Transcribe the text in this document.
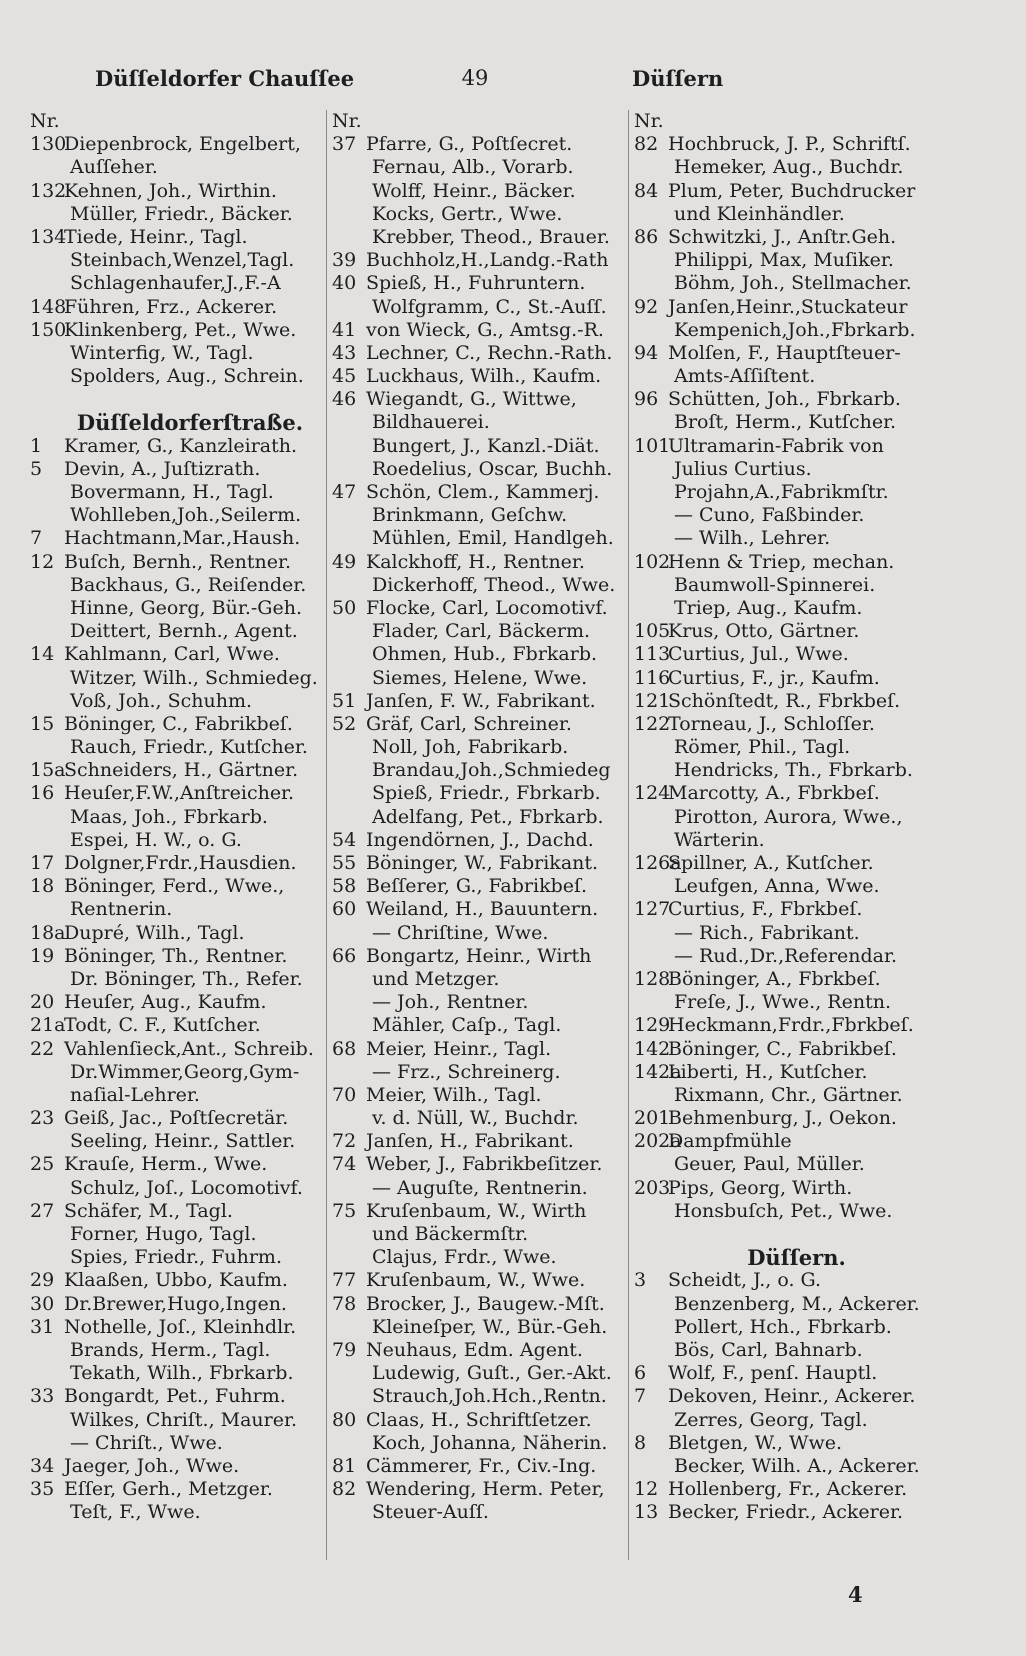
Düſſeldorfer Chauſſee	49	Düſſern
Nr.
130Diepenbrock, Engelbert,
Auſſeher.
132Kehnen, Joh., Wirthin.
Müller, Friedr., Bäcker.
134Tiede, Heinr., Tagl.
Steinbach,Wenzel,Tagl.
Schlagenhaufer,J.,F.-A
148Führen, Frz., Ackerer.
150Klinkenberg, Pet., Wwe.
Winterfig, W., Tagl.
Spolders, Aug., Schrein.
Düſſeldorferſtraße.
1 Kramer, G., Kanzleirath.
5 Devin, A., Juſtizrath.
Bovermann, H., Tagl.
Wohlleben,Joh.,Seilerm.
7 Hachtmann,Mar.,Haush.
12 Buſch, Bernh., Rentner.
Backhaus, G., Reiſender.
Hinne, Georg, Bür.-Geh.
Deittert, Bernh., Agent.
14 Kahlmann, Carl, Wwe.
Witzer, Wilh., Schmiedeg.
Voß, Joh., Schuhm.
15 Böninger, C., Fabrikbeſ.
Rauch, Friedr., Kutſcher.
15aSchneiders, H., Gärtner.
16 Heuſer,F.W.,Anſtreicher.
Maas, Joh., Fbrkarb.
Espei, H. W., o. G.
17 Dolgner,Frdr.,Hausdien.
18 Böninger, Ferd., Wwe.,
Rentnerin.
18aDupré, Wilh., Tagl.
19 Böninger, Th., Rentner.
Dr. Böninger, Th., Refer.
20 Heuſer, Aug., Kaufm.
21aTodt, C. F., Kutſcher.
22 Vahlenſieck,Ant., Schreib.
Dr.Wimmer,Georg,Gym-
naſial-Lehrer.
23 Geiß, Jac., Poſtſecretär.
Seeling, Heinr., Sattler.
25 Krauſe, Herm., Wwe.
Schulz, Joſ., Locomotivf.
27 Schäfer, M., Tagl.
Forner, Hugo, Tagl.
Spies, Friedr., Fuhrm.
29 Klaaßen, Ubbo, Kaufm.
30 Dr.Brewer,Hugo,Ingen.
31 Nothelle, Joſ., Kleinhdlr.
Brands, Herm., Tagl.
Tekath, Wilh., Fbrkarb.
33 Bongardt, Pet., Fuhrm.
Wilkes, Chriſt., Maurer.
— Chriſt., Wwe.
34 Jaeger, Joh., Wwe.
35 Eſſer, Gerh., Metzger.
Teſt, F., Wwe.
Nr.
37 Pfarre, G., Poſtſecret.
Fernau, Alb., Vorarb.
Wolff, Heinr., Bäcker.
Kocks, Gertr., Wwe.
Krebber, Theod., Brauer.
39 Buchholz,H.,Landg.-Rath
40 Spieß, H., Fuhruntern.
Wolfgramm, C., St.-Auſſ.
41 von Wieck, G., Amtsg.-R.
43 Lechner, C., Rechn.-Rath.
45 Luckhaus, Wilh., Kaufm.
46 Wiegandt, G., Wittwe,
Bildhauerei.
Bungert, J., Kanzl.-Diät.
Roedelius, Oscar, Buchh.
47 Schön, Clem., Kammerj.
Brinkmann, Geſchw.
Mühlen, Emil, Handlgeh.
49 Kalckhoff, H., Rentner.
Dickerhoff, Theod., Wwe.
50 Flocke, Carl, Locomotivf.
Flader, Carl, Bäckerm.
Ohmen, Hub., Fbrkarb.
Siemes, Helene, Wwe.
51 Janſen, F. W., Fabrikant.
52 Gräf, Carl, Schreiner.
Noll, Joh, Fabrikarb.
Brandau,Joh.,Schmiedeg
Spieß, Friedr., Fbrkarb.
Adelfang, Pet., Fbrkarb.
54 Ingendörnen, J., Dachd.
55 Böninger, W., Fabrikant.
58 Beſſerer, G., Fabrikbeſ.
60 Weiland, H., Bauuntern.
— Chriſtine, Wwe.
66 Bongartz, Heinr., Wirth
und Metzger.
— Joh., Rentner.
Mähler, Caſp., Tagl.
68 Meier, Heinr., Tagl.
— Frz., Schreinerg.
70 Meier, Wilh., Tagl.
v. d. Nüll, W., Buchdr.
72 Janſen, H., Fabrikant.
74 Weber, J., Fabrikbeſitzer.
— Auguſte, Rentnerin.
75 Kruſenbaum, W., Wirth
und Bäckermſtr.
Clajus, Frdr., Wwe.
77 Kruſenbaum, W., Wwe.
78 Brocker, J., Baugew.-Mſt.
Kleineſper, W., Bür.-Geh.
79 Neuhaus, Edm. Agent.
Ludewig, Guſt., Ger.-Akt.
Strauch,Joh.Hch.,Rentn.
80 Claas, H., Schriftſetzer.
Koch, Johanna, Näherin.
81 Cämmerer, Fr., Civ.-Ing.
82 Wendering, Herm. Peter,
Steuer-Auſſ.
Nr.
82 Hochbruck, J. P., Schriftſ.
Hemeker, Aug., Buchdr.
84 Plum, Peter, Buchdrucker
und Kleinhändler.
86 Schwitzki, J., Anſtr.Geh.
Philippi, Max, Muſiker.
Böhm, Joh., Stellmacher.
92 Janſen,Heinr.,Stuckateur
Kempenich,Joh.,Fbrkarb.
94 Molſen, F., Hauptſteuer-
Amts-Aſſiſtent.
96 Schütten, Joh., Fbrkarb.
Broſt, Herm., Kutſcher.
101Ultramarin-Fabrik von
Julius Curtius.
Projahn,A.,Fabrikmſtr.
— Cuno, Faßbinder.
— Wilh., Lehrer.
102Henn & Triep, mechan.
Baumwoll-Spinnerei.
Triep, Aug., Kaufm.
105Krus, Otto, Gärtner.
113Curtius, Jul., Wwe.
116Curtius, F., jr., Kaufm.
121Schönſtedt, R., Fbrkbeſ.
122Torneau, J., Schloſſer.
Römer, Phil., Tagl.
Hendricks, Th., Fbrkarb.
124Marcotty, A., Fbrkbeſ.
Pirotton, Aurora, Wwe.,
Wärterin.
126aSpillner, A., Kutſcher.
Leufgen, Anna, Wwe.
127Curtius, F., Fbrkbeſ.
— Rich., Fabrikant.
— Rud.,Dr.,Referendar.
128Böninger, A., Fbrkbeſ.
Freſe, J., Wwe., Rentn.
129Heckmann,Frdr.,Fbrkbeſ.
142Böninger, C., Fabrikbeſ.
142aLiberti, H., Kutſcher.
Rixmann, Chr., Gärtner.
201Behmenburg, J., Oekon.
202aDampfmühle
Geuer, Paul, Müller.
203Pips, Georg, Wirth.
Honsbuſch, Pet., Wwe.
Düſſern.
3 Scheidt, J., o. G.
Benzenberg, M., Ackerer.
Pollert, Hch., Fbrkarb.
Bös, Carl, Bahnarb.
6 Wolf, F., penſ. Hauptl.
7 Dekoven, Heinr., Ackerer.
Zerres, Georg, Tagl.
8 Bletgen, W., Wwe.
Becker, Wilh. A., Ackerer.
12 Hollenberg, Fr., Ackerer.
13 Becker, Friedr., Ackerer.
4
